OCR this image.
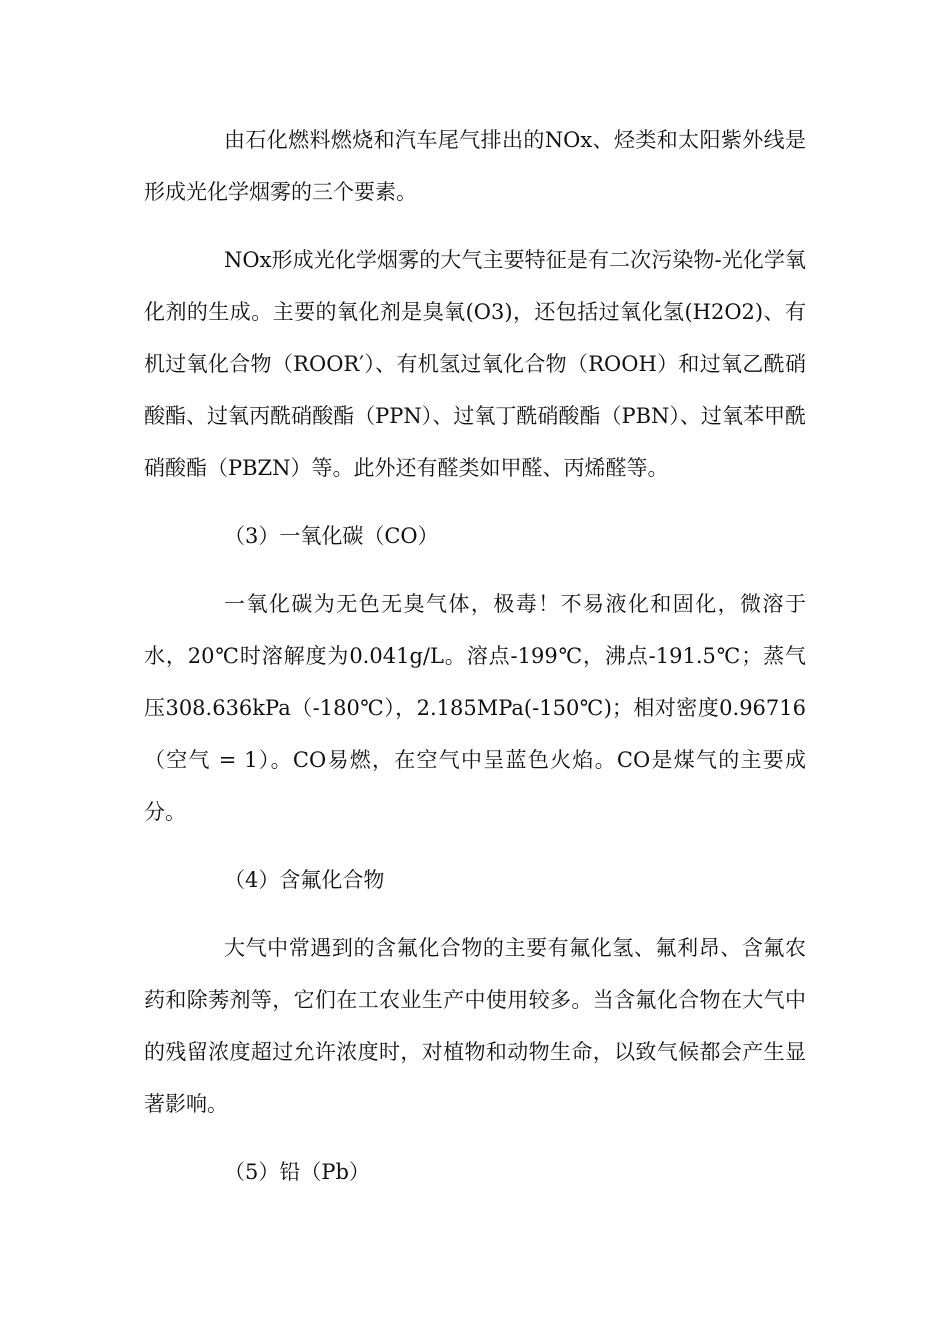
由石化燃料燃烧和汽车尾气排出的NOx、烃类和太阳紫外线是形成光化学烟雾的三个要素。

NOx形成光化学烟雾的大气主要特征是有二次污染物-光化学氧化剂的生成。主要的氧化剂是臭氧(O3)，还包括过氧化氢(H2O2)、有机过氧化合物（ROOR′）、有机氢过氧化合物（ROOH）和过氧乙酰硝酸酯、过氧丙酰硝酸酯（PPN）、过氧丁酰硝酸酯（PBN）、过氧苯甲酰硝酸酯（PBZN）等。此外还有醛类如甲醛、丙烯醛等。

（3）一氧化碳（CO）

一氧化碳为无色无臭气体，极毒！不易液化和固化，微溶于水，20℃时溶解度为0.041g/L。溶点-199℃，沸点-191.5℃；蒸气压308.636kPa（-180℃），2.185MPa(-150℃)；相对密度0.96716（空气 = 1）。CO易燃，在空气中呈蓝色火焰。CO是煤气的主要成分。

（4）含氟化合物

大气中常遇到的含氟化合物的主要有氟化氢、氟利昂、含氟农药和除莠剂等，它们在工农业生产中使用较多。当含氟化合物在大气中的残留浓度超过允许浓度时，对植物和动物生命，以致气候都会产生显著影响。

（5）铅（Pb）
